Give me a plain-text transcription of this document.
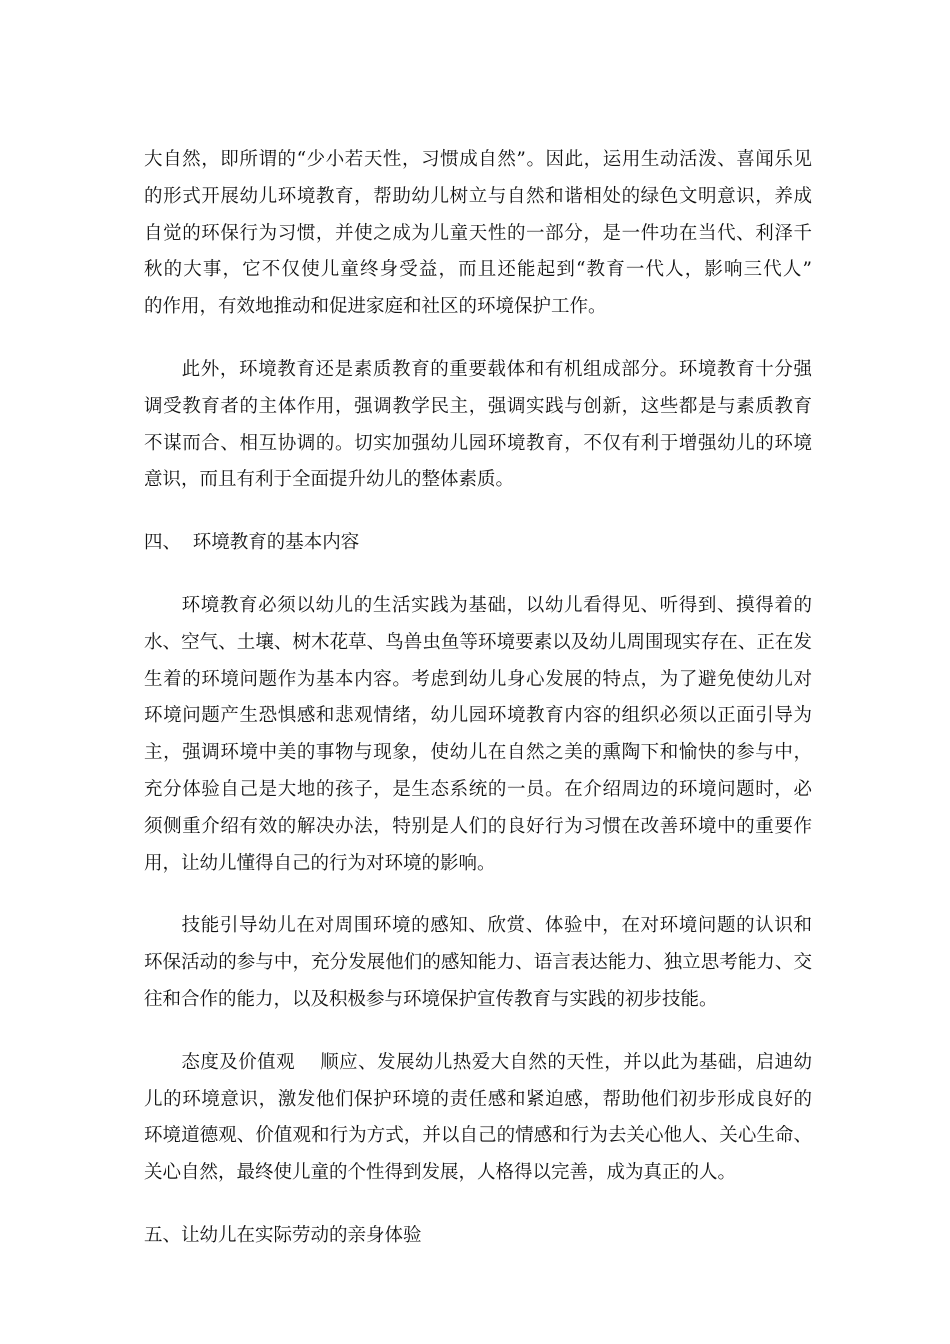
大自然，即所谓的“少小若天性，习惯成自然”。因此，运用生动活泼、喜闻乐见
的形式开展幼儿环境教育，帮助幼儿树立与自然和谐相处的绿色文明意识，养成
自觉的环保行为习惯，并使之成为儿童天性的一部分，是一件功在当代、利泽千
秋的大事，它不仅使儿童终身受益，而且还能起到“教育一代人，影响三代人”
的作用，有效地推动和促进家庭和社区的环境保护工作。
此外，环境教育还是素质教育的重要载体和有机组成部分。环境教育十分强
调受教育者的主体作用，强调教学民主，强调实践与创新，这些都是与素质教育
不谋而合、相互协调的。切实加强幼儿园环境教育，不仅有利于增强幼儿的环境
意识，而且有利于全面提升幼儿的整体素质。
四、  环境教育的基本内容
环境教育必须以幼儿的生活实践为基础，以幼儿看得见、听得到、摸得着的
水、空气、土壤、树木花草、鸟兽虫鱼等环境要素以及幼儿周围现实存在、正在发
生着的环境问题作为基本内容。考虑到幼儿身心发展的特点，为了避免使幼儿对
环境问题产生恐惧感和悲观情绪，幼儿园环境教育内容的组织必须以正面引导为
主，强调环境中美的事物与现象，使幼儿在自然之美的熏陶下和愉快的参与中，
充分体验自己是大地的孩子，是生态系统的一员。在介绍周边的环境问题时，必
须侧重介绍有效的解决办法，特别是人们的良好行为习惯在改善环境中的重要作
用，让幼儿懂得自己的行为对环境的影响。
技能引导幼儿在对周围环境的感知、欣赏、体验中，在对环境问题的认识和
环保活动的参与中，充分发展他们的感知能力、语言表达能力、独立思考能力、交
往和合作的能力，以及积极参与环境保护宣传教育与实践的初步技能。
态度及价值观    顺应、发展幼儿热爱大自然的天性，并以此为基础，启迪幼
儿的环境意识，激发他们保护环境的责任感和紧迫感，帮助他们初步形成良好的
环境道德观、价值观和行为方式，并以自己的情感和行为去关心他人、关心生命、
关心自然，最终使儿童的个性得到发展，人格得以完善，成为真正的人。
五、让幼儿在实际劳动的亲身体验
